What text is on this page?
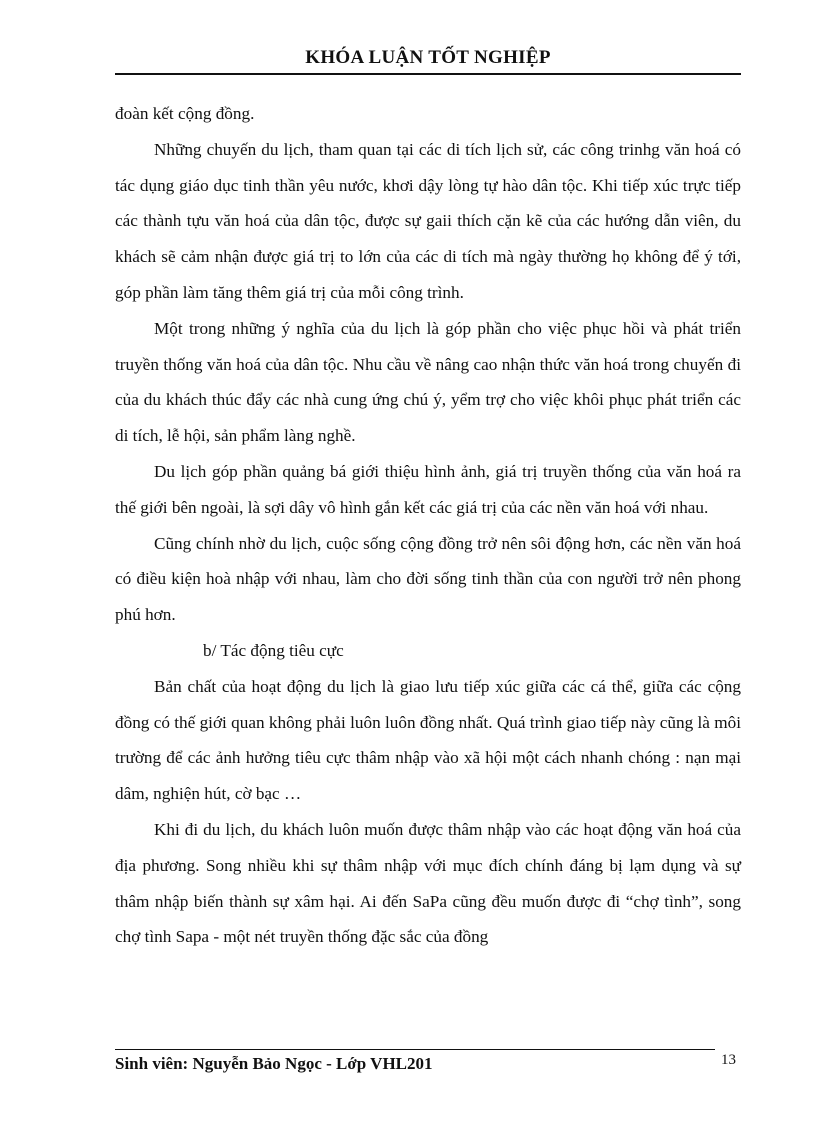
KHÓA LUẬN TỐT NGHIỆP

đoàn kết cộng đồng.

Những chuyến du lịch, tham quan tại các di tích lịch sử, các công trinhg văn hoá có tác dụng giáo dục tinh thần yêu nước, khơi dậy lòng tự hào dân tộc. Khi tiếp xúc trực tiếp các thành tựu văn hoá của dân tộc, được sự gaii thích cặn kẽ của các hướng dẫn viên, du khách sẽ cảm nhận được giá trị to lớn của các di tích mà ngày thường họ không để ý tới, góp phần làm tăng thêm giá trị của mỗi công trình.

Một trong những ý nghĩa của du lịch là góp phần cho việc phục hồi và phát triển truyền thống văn hoá của dân tộc. Nhu cầu về nâng cao nhận thức văn hoá trong chuyến đi của du khách thúc đẩy các nhà cung ứng chú ý, yểm trợ cho việc khôi phục phát triển các di tích, lễ hội, sản phẩm làng nghề.

Du lịch góp phần quảng bá giới thiệu hình ảnh, giá trị truyền thống của văn hoá ra thế giới bên ngoài, là sợi dây vô hình gắn kết các giá trị của các nền văn hoá với nhau.

Cũng chính nhờ du lịch, cuộc sống cộng đồng trở nên sôi động hơn, các nền văn hoá có điều kiện hoà nhập với nhau, làm cho đời sống tinh thần của con người trở nên phong phú hơn.

b/ Tác động tiêu cực

Bản chất của hoạt động du lịch là giao lưu tiếp xúc giữa các cá thể, giữa các cộng đồng có thế giới quan không phải luôn luôn đồng nhất. Quá trình giao tiếp này cũng là môi trường để các ảnh hưởng tiêu cực thâm nhập vào xã hội một cách nhanh chóng : nạn mại dâm, nghiện hút, cờ bạc …

Khi đi du lịch, du khách luôn muốn được thâm nhập vào các hoạt động văn hoá của địa phương. Song nhiều khi sự thâm nhập với mục đích chính đáng bị lạm dụng và sự thâm nhập biến thành sự xâm hại. Ai đến SaPa cũng đều muốn được đi “chợ tình”, song chợ tình Sapa - một nét truyền thống đặc sắc của đồng

Sinh viên: Nguyễn Bảo Ngọc - Lớp VHL201	13
